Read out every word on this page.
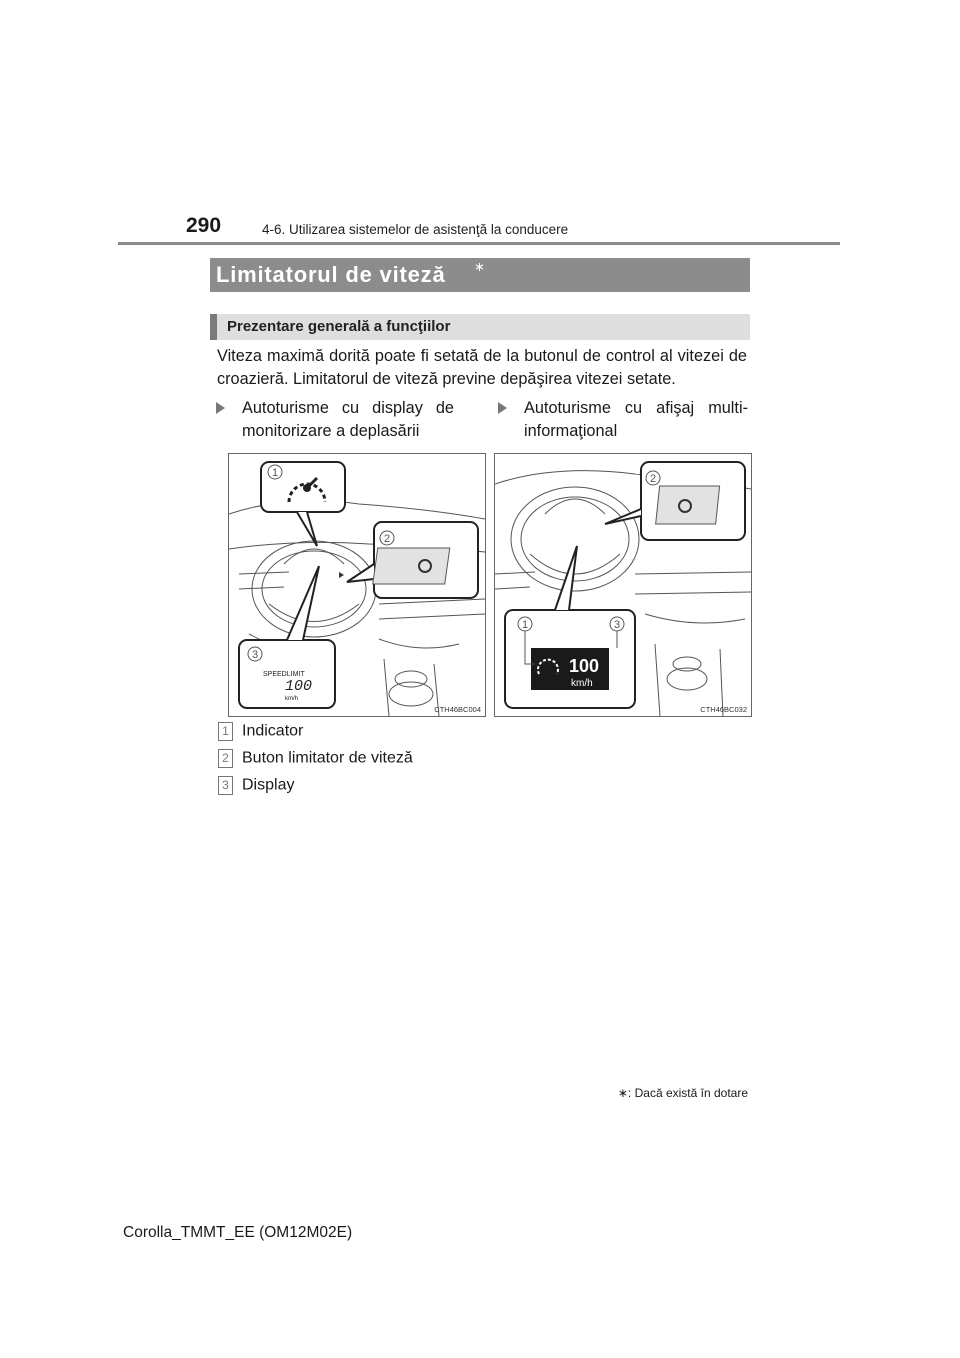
290	4-6. Utilizarea sistemelor de asistenţă la conducere
Limitatorul de viteză ∗
Prezentare generală a funcţiilor
Viteza maximă dorită poate fi setată de la butonul de control al vitezei de croazieră. Limitatorul de viteză previne depăşirea vitezei setate.
Autoturisme cu display de monitorizare a deplasării
Autoturisme cu afişaj multi-informaţional
1
2
3
SPEEDLIMIT
100
km/h
CTH46BC004
2
1	3
100
km/h
CTH46BC032
1 Indicator
2 Buton limitator de viteză
3 Display
∗: Dacă există în dotare
Corolla_TMMT_EE (OM12M02E)
